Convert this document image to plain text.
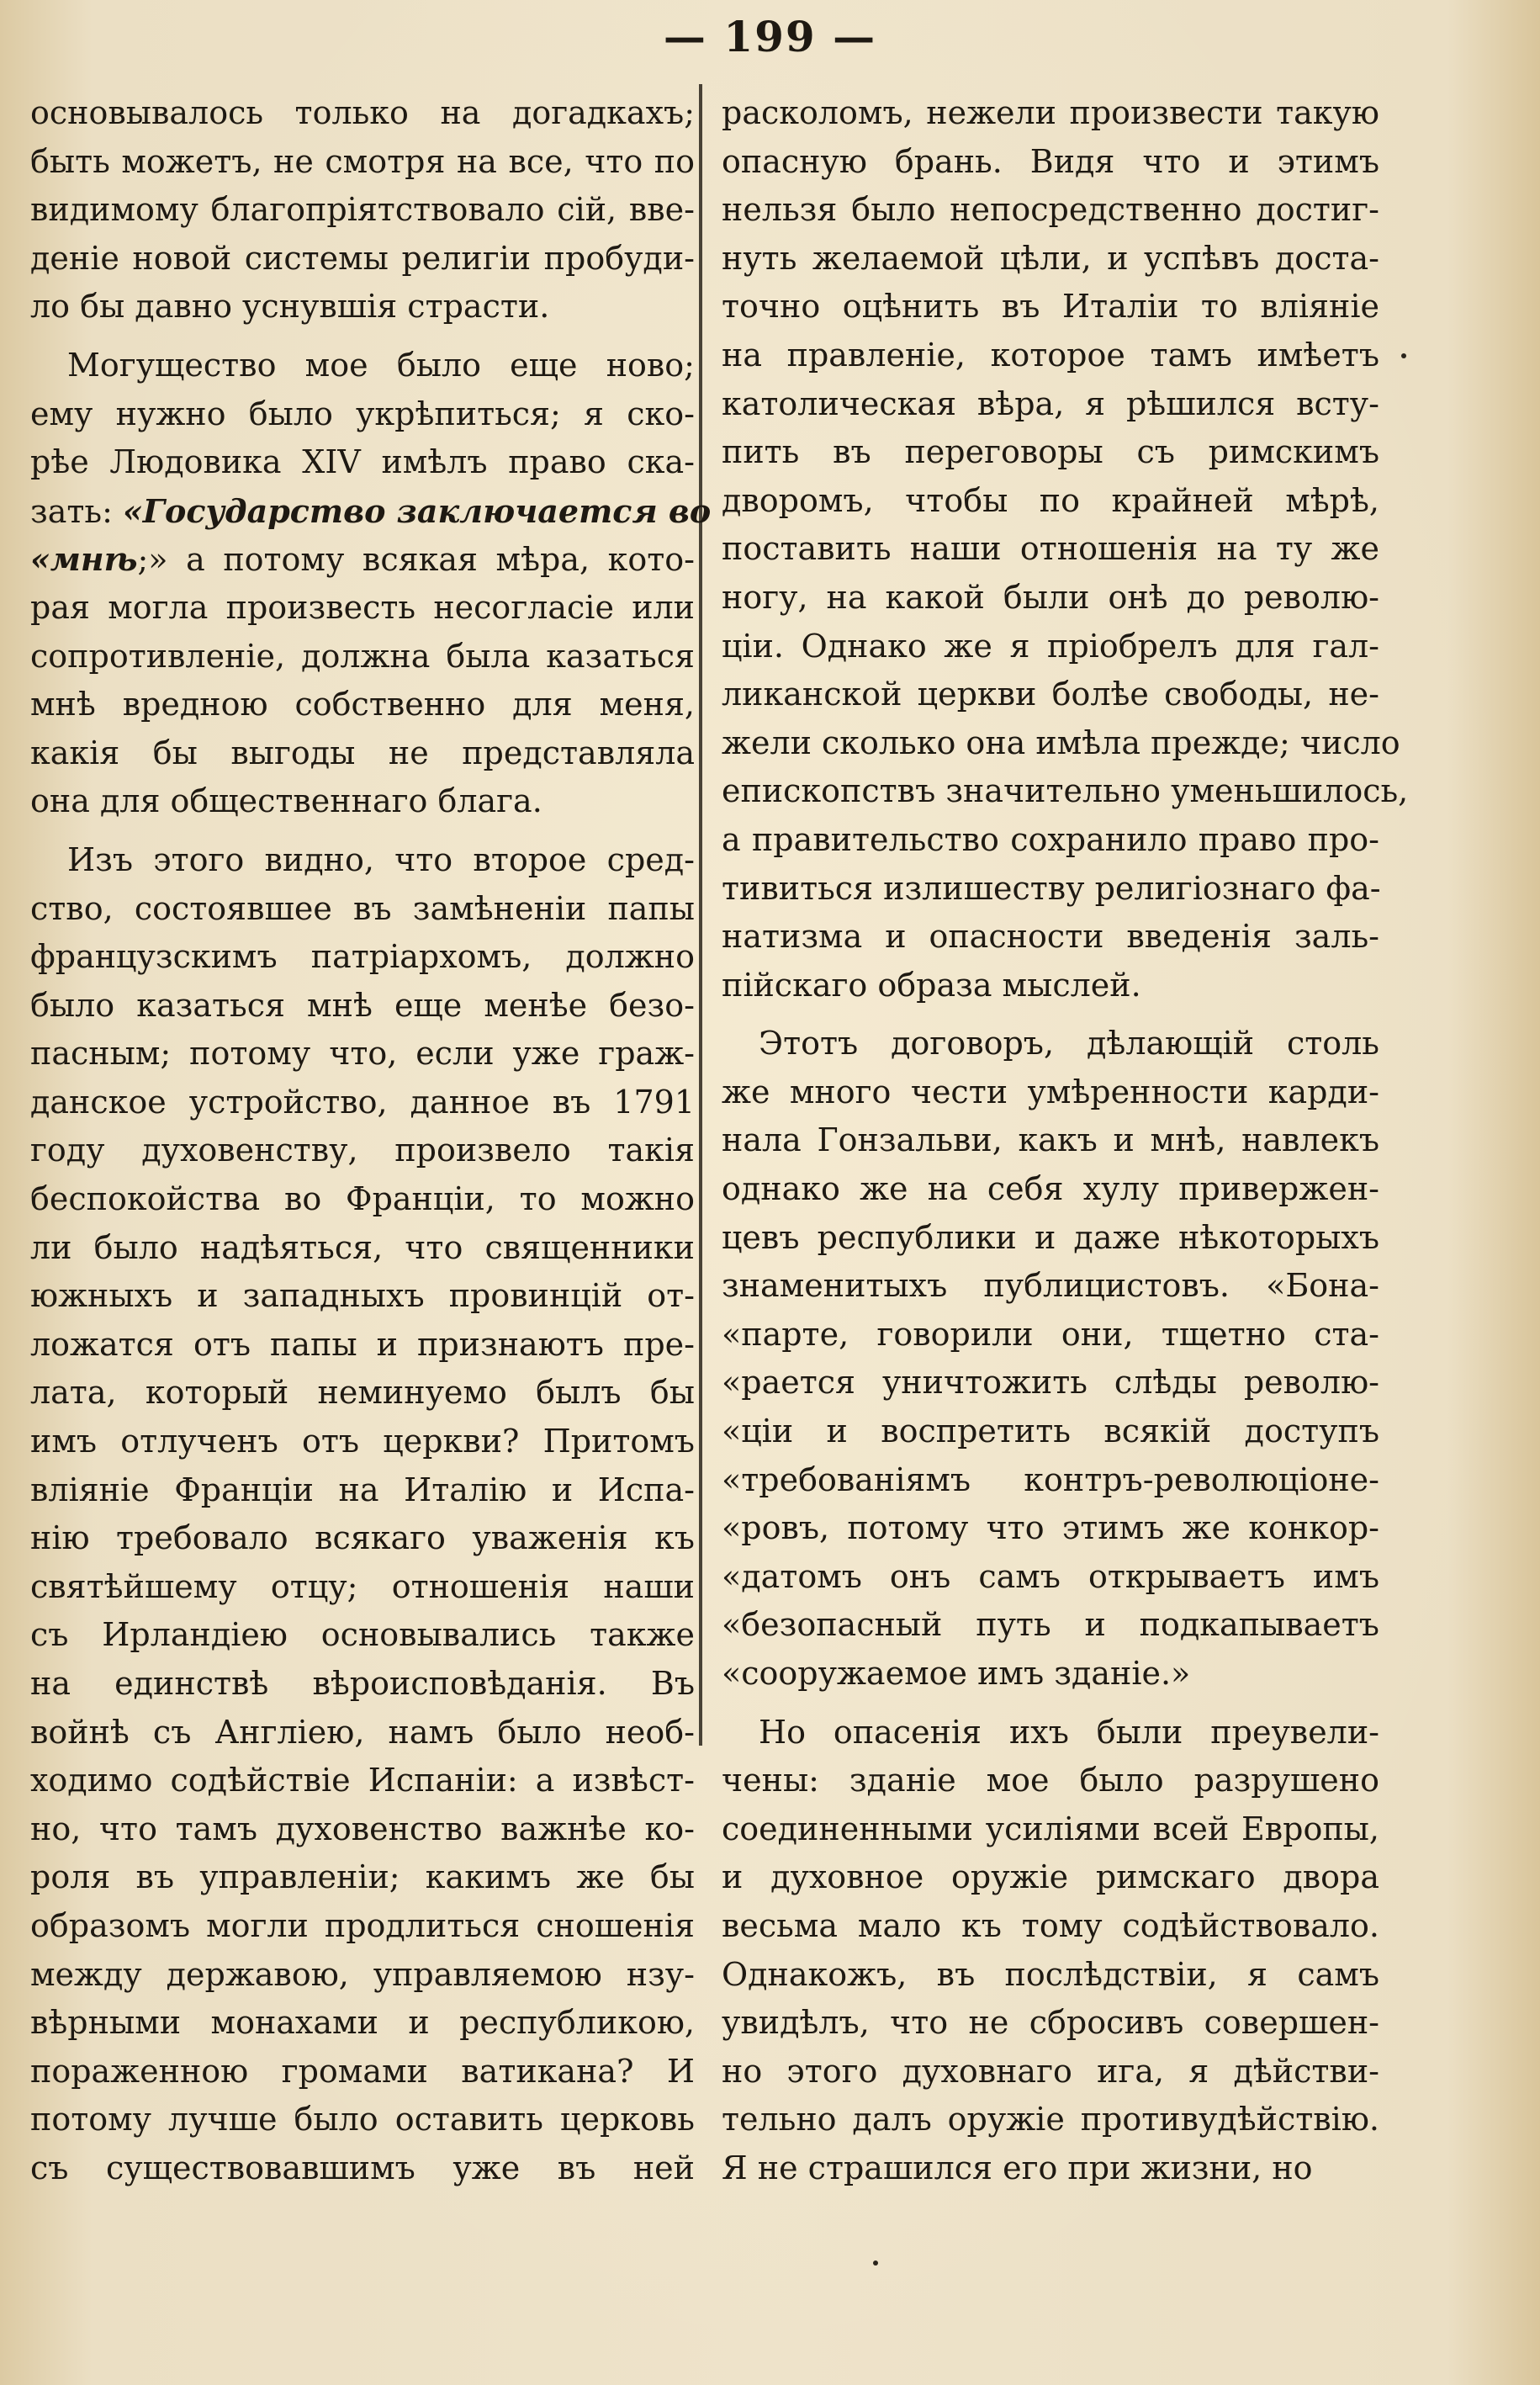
— 199 —
основывалось только на догадкахъ;
быть можетъ, не смотря на все, что по
видимому благопріятствовало сій, вве-
деніе новой системы религіи пробуди-
ло бы давно уснувшія страсти.
Могущество мое было еще ново;
ему нужно было укрѣпиться; я ско-
рѣе Людовика XIV имѣлъ право ска-
зать: «Государство заключается во
«мнѣ;» а потому всякая мѣра, кото-
рая могла произвесть несогласіе или
сопротивленіе, должна была казаться
мнѣ вредною собственно для меня,
какія бы выгоды не представляла
она для общественнаго блага.
Изъ этого видно, что второе сред-
ство, состоявшее въ замѣненіи папы
французскимъ патріархомъ, должно
было казаться мнѣ еще менѣе безо-
пасным; потому что, если уже граж-
данское устройство, данное въ 1791
году духовенству, произвело такія
беспокойства во Франціи, то можно
ли было надѣяться, что священники
южныхъ и западныхъ провинцій от-
ложатся отъ папы и признаютъ пре-
лата, который неминуемо былъ бы
имъ отлученъ отъ церкви? Притомъ
вліяніе Франціи на Италію и Испа-
нію требовало всякаго уваженія къ
святѣйшему отцу; отношенія наши
съ Ирландіею основывались также
на единствѣ вѣроисповѣданія. Въ
войнѣ съ Англіею, намъ было необ-
ходимо содѣйствіе Испаніи: а извѣст-
но, что тамъ духовенство важнѣе ко-
роля въ управленіи; какимъ же бы
образомъ могли продлиться сношенія
между державою, управляемою нзу-
вѣрными монахами и республикою,
пораженною громами ватикана? И
потому лучше было оставить церковь
съ существовавшимъ уже въ ней
расколомъ, нежели произвести такую
опасную брань. Видя что и этимъ
нельзя было непосредственно достиг-
нуть желаемой цѣли, и успѣвъ доста-
точно оцѣнить въ Италіи то вліяніе
на правленіе, которое тамъ имѣетъ
католическая вѣра, я рѣшился всту-
пить въ переговоры съ римскимъ
дворомъ, чтобы по крайней мѣрѣ,
поставить наши отношенія на ту же
ногу, на какой были онѣ до револю-
ціи. Однако же я пріобрелъ для гал-
ликанской церкви болѣе свободы, не-
жели сколько она имѣла прежде; число
епископствъ значительно уменьшилось,
а правительство сохранило право про-
тивиться излишеству религіознаго фа-
натизма и опасности введенія заль-
пійскаго образа мыслей.
Этотъ договоръ, дѣлающій столь
же много чести умѣренности карди-
нала Гонзальви, какъ и мнѣ, навлекъ
однако же на себя хулу привержен-
цевъ республики и даже нѣкоторыхъ
знаменитыхъ публицистовъ. «Бона-
«парте, говорили они, тщетно ста-
«рается уничтожить слѣды револю-
«ціи и воспретить всякій доступъ
«требованіямъ контръ-революціоне-
«ровъ, потому что этимъ же конкор-
«датомъ онъ самъ открываетъ имъ
«безопасный путь и подкапываетъ
«сооружаемое имъ зданіе.»
Но опасенія ихъ были преувели-
чены: зданіе мое было разрушено
соединенными усиліями всей Европы,
и духовное оружіе римскаго двора
весьма мало къ тому содѣйствовало.
Однакожъ, въ послѣдствіи, я самъ
увидѣлъ, что не сбросивъ совершен-
но этого духовнаго ига, я дѣйстви-
тельно далъ оружіе противудѣйствію.
Я не страшился его при жизни, но
